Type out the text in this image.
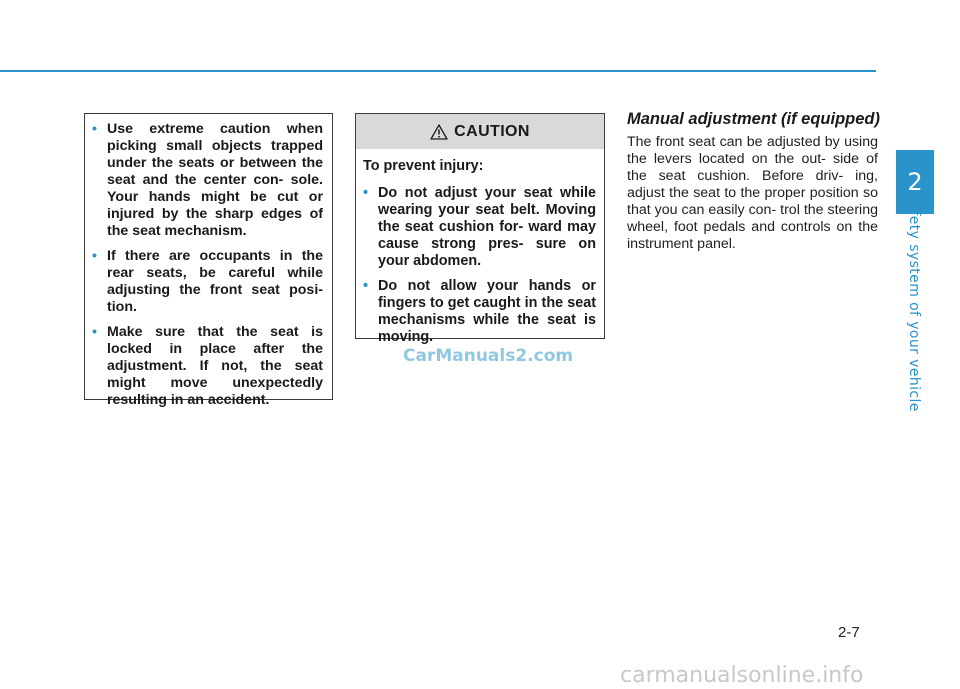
2
Safety system of your vehicle
• Use extreme caution when picking small objects trapped under the seats or between the seat and the center con- sole. Your hands might be cut or injured by the sharp edges of the seat mechanism.
• If there are occupants in the rear seats, be careful while adjusting the front seat posi- tion.
• Make sure that the seat is locked in place after the adjustment. If not, the seat might move unexpectedly resulting in an accident.
CAUTION
To prevent injury:
• Do not adjust your seat while wearing your seat belt. Moving the seat cushion for- ward may cause strong pres- sure on your abdomen.
• Do not allow your hands or fingers to get caught in the seat mechanisms while the seat is moving.
CarManuals2.com
Manual adjustment (if equipped)
The front seat can be adjusted by using the levers located on the out- side of the seat cushion. Before driv- ing, adjust the seat to the proper position so that you can easily con- trol the steering wheel, foot pedals and controls on the instrument panel.
2-7
carmanualsonline.info
